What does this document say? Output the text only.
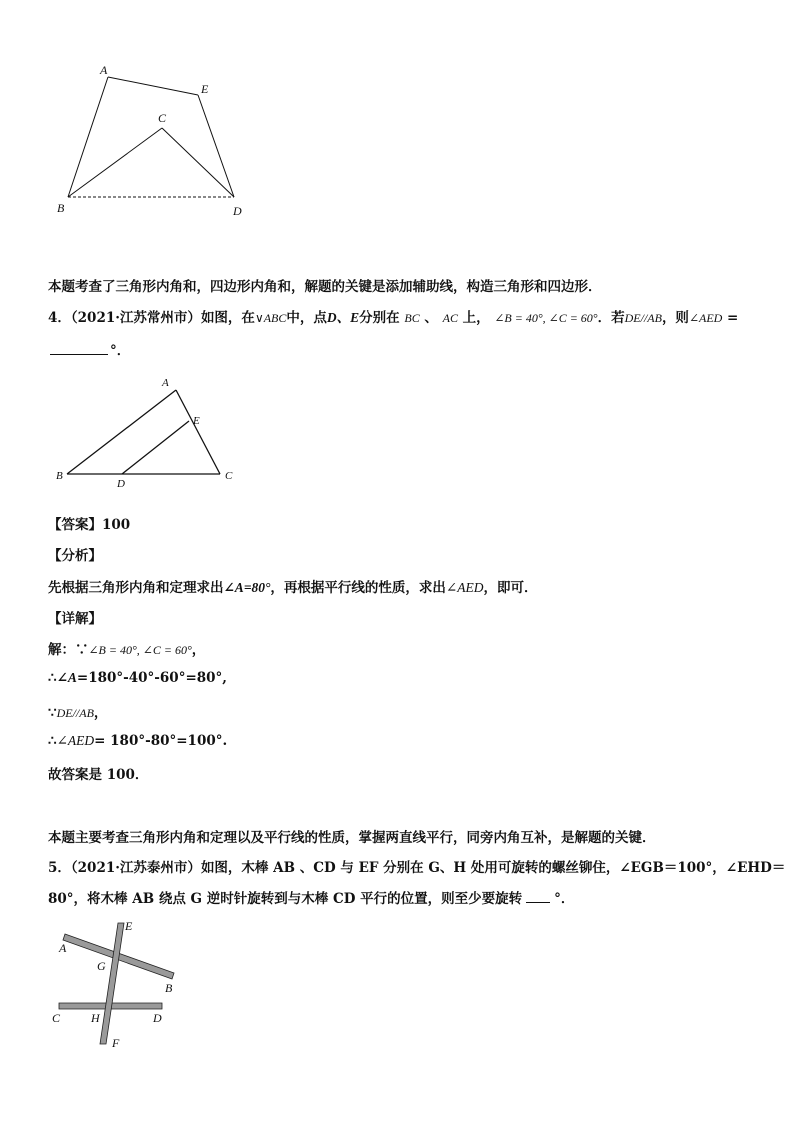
A
E
C
B	D
本题考查了三角形内角和，四边形内角和，解题的关键是添加辅助线，构造三角形和四边形．
4．（2021·江苏常州市）如图，在∨ABC中，点D、E分别在 BC 、 AC 上， ∠B = 40°, ∠C = 60°．若DE//AB，则∠AED =
°．
A
E
B
D
C
【答案】100
【分析】
先根据三角形内角和定理求出∠A=80°，再根据平行线的性质，求出∠AED，即可．
【详解】
解：∵∠B = 40°, ∠C = 60°，
∴∠A=180°-40°-60°=80°,
∵DE//AB，
∴∠AED= 180°-80°=100°.
故答案是 100．
本题主要考查三角形内角和定理以及平行线的性质，掌握两直线平行，同旁内角互补，是解题的关键．
5．（2021·江苏泰州市）如图，木棒 AB 、CD 与 EF 分别在 G、H 处用可旋转的螺丝铆住，∠EGB＝100°，∠EHD＝
80°，将木棒 AB 绕点 G 逆时针旋转到与木棒 CD 平行的位置，则至少要旋转 °．
A
E
G
B
C	H	D
F
